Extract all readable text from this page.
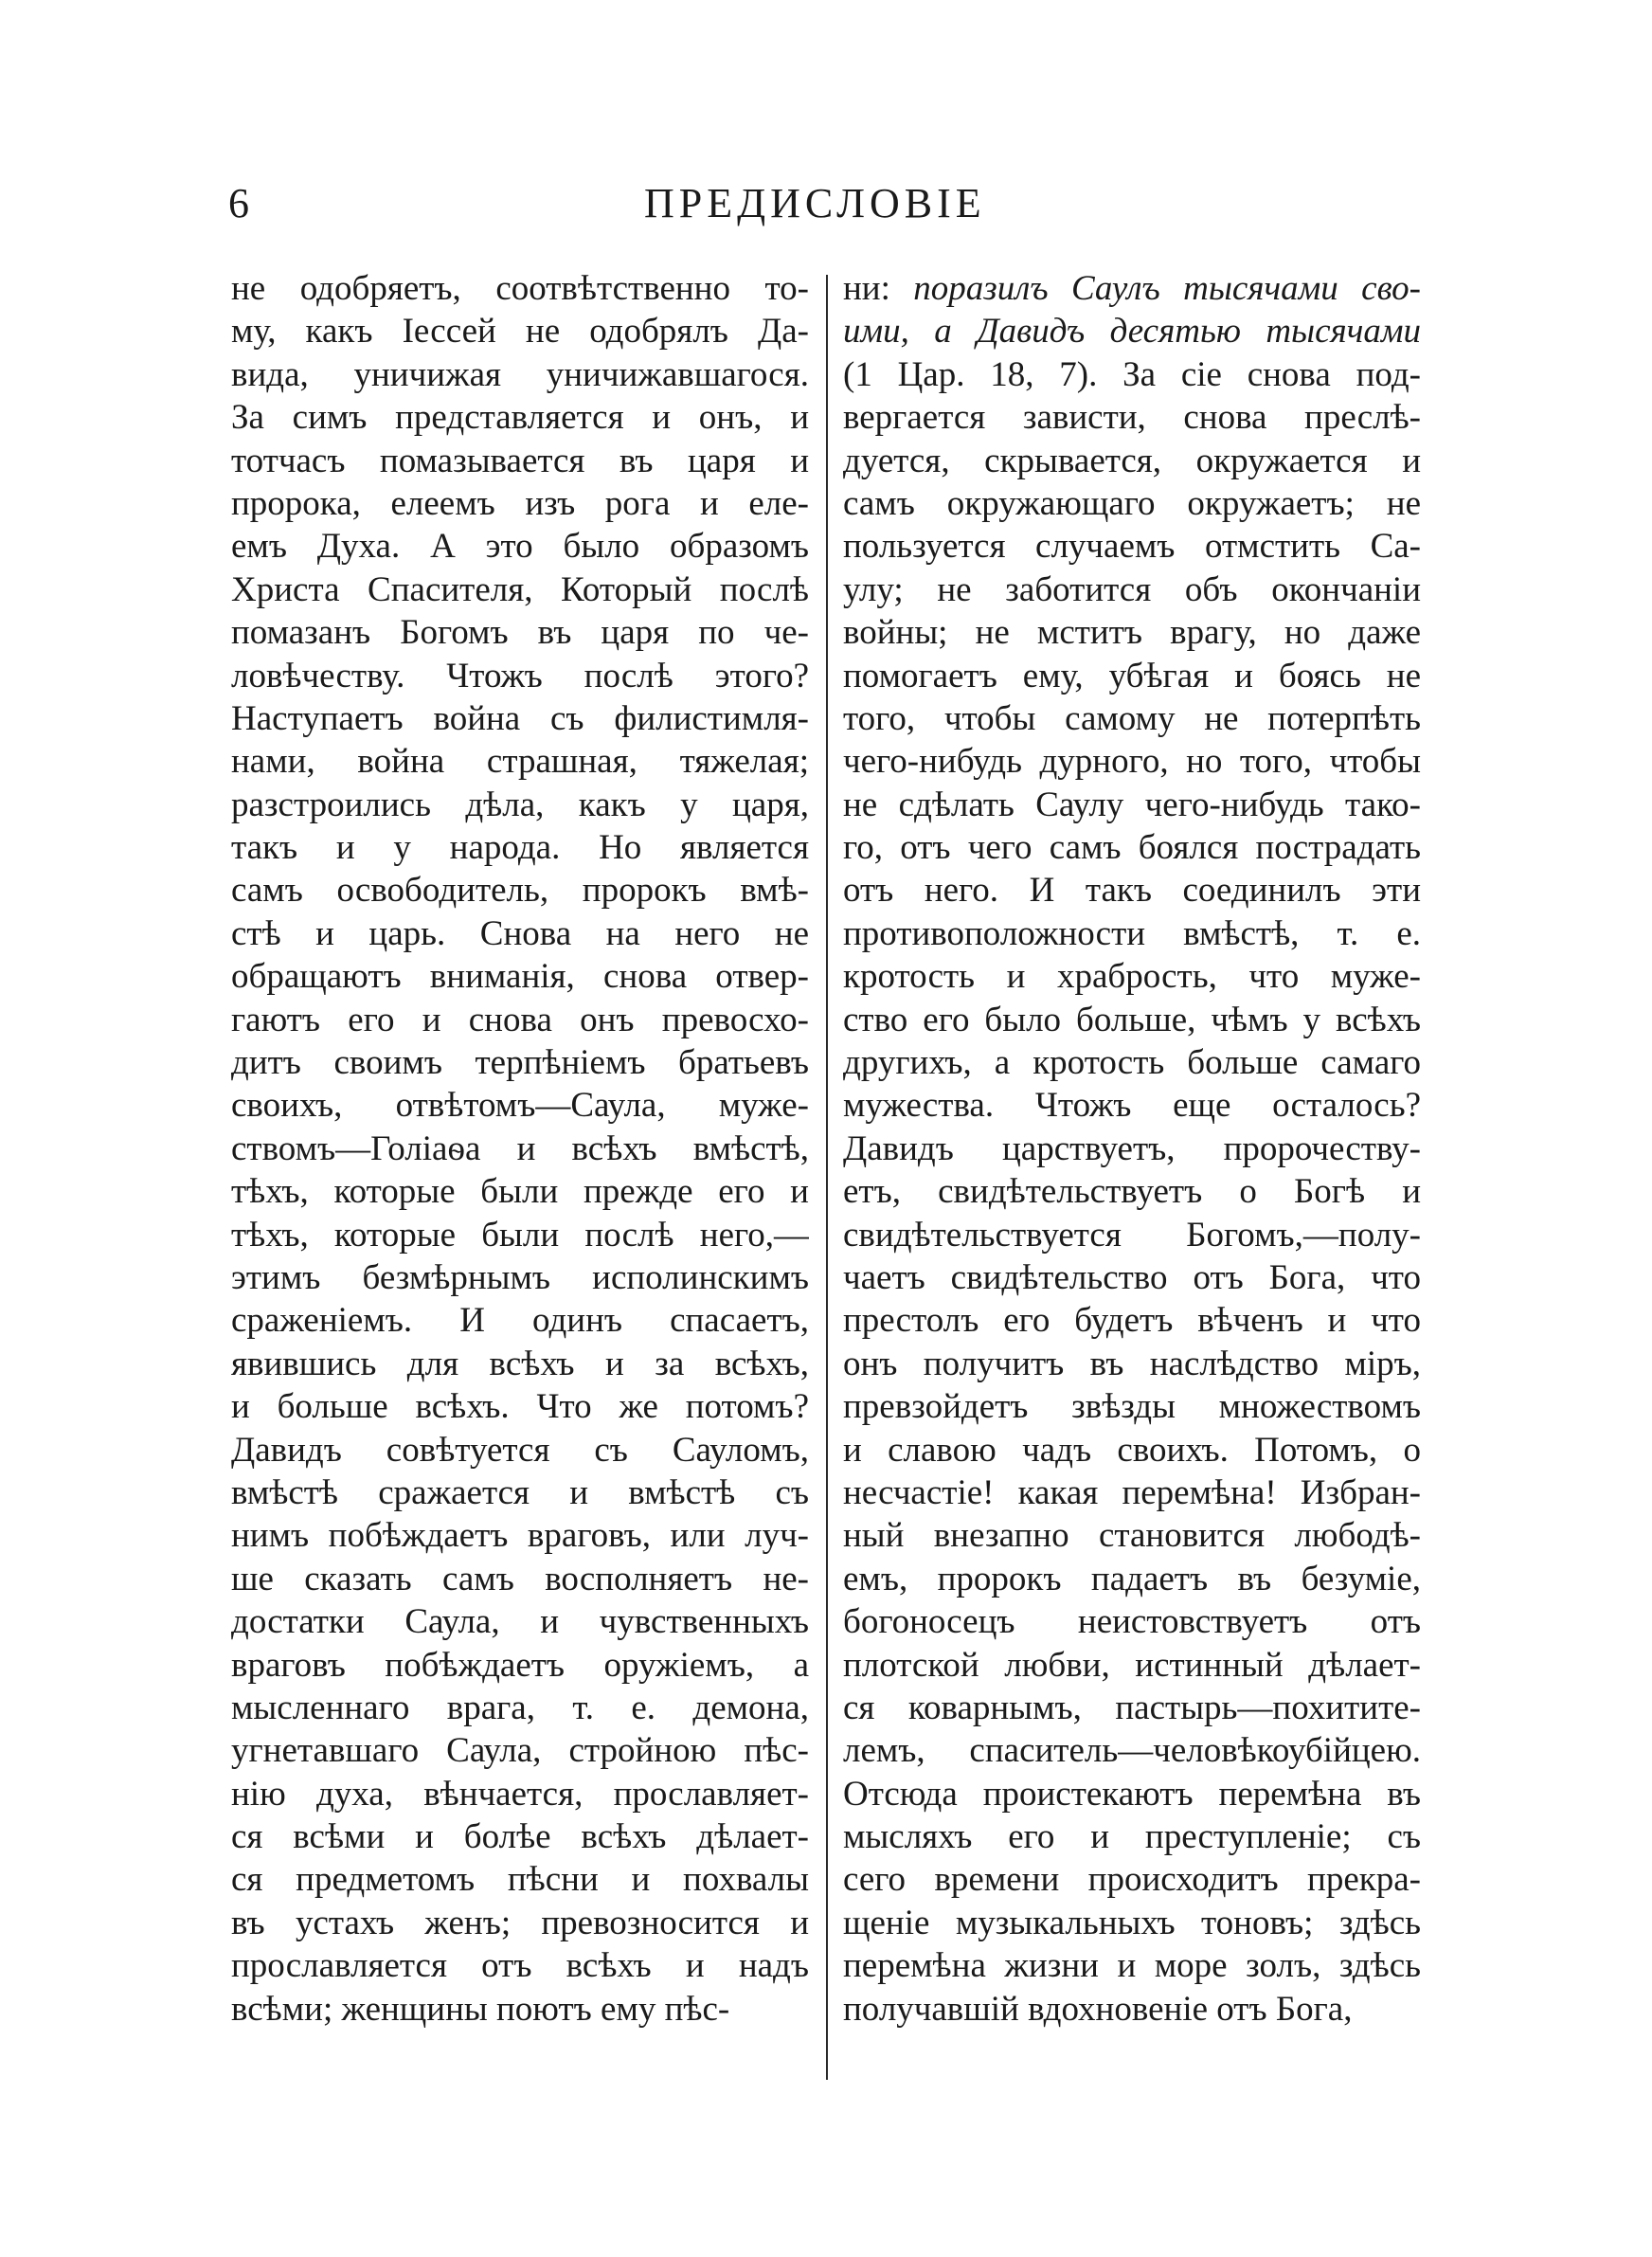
6	ПРЕДИСЛОВІЕ
не одобряетъ, соотвѣтственно то-
му, какъ Іессей не одобрялъ Да-
вида, уничижая уничижавшагося.
За симъ представляется и онъ, и
тотчасъ помазывается въ царя и
пророка, елеемъ изъ рога и еле-
емъ Духа. А это было образомъ
Христа Спасителя, Который послѣ
помазанъ Богомъ въ царя по че-
ловѣчеству. Чтожъ послѣ этого?
Наступаетъ война съ филистимля-
нами, война страшная, тяжелая;
разстроились дѣла, какъ у царя,
такъ и у народа. Но является
самъ освободитель, пророкъ вмѣ-
стѣ и царь. Снова на него не
обращаютъ вниманія, снова отвер-
гаютъ его и снова онъ превосхо-
дитъ своимъ терпѣніемъ братьевъ
своихъ, отвѣтомъ—Саула, муже-
ствомъ—Голіаѳа и всѣхъ вмѣстѣ,
тѣхъ, которые были прежде его и
тѣхъ, которые были послѣ него,—
этимъ безмѣрнымъ исполинскимъ
сраженіемъ. И одинъ спасаетъ,
явившись для всѣхъ и за всѣхъ,
и больше всѣхъ. Что же потомъ?
Давидъ совѣтуется съ Сауломъ,
вмѣстѣ сражается и вмѣстѣ съ
нимъ побѣждаетъ враговъ, или луч-
ше сказать самъ восполняетъ не-
достатки Саула, и чувственныхъ
враговъ побѣждаетъ оружіемъ, а
мысленнаго врага, т. е. демона,
угнетавшаго Саула, стройною пѣс-
нію духа, вѣнчается, прославляет-
ся всѣми и болѣе всѣхъ дѣлает-
ся предметомъ пѣсни и похвалы
въ устахъ женъ; превозносится и
прославляется отъ всѣхъ и надъ
всѣми; женщины поютъ ему пѣс-
ни: поразилъ Саулъ тысячами сво-
ими, а Давидъ десятью тысячами
(1 Цар. 18, 7). За сіе снова под-
вергается зависти, снова преслѣ-
дуется, скрывается, окружается и
самъ окружающаго окружаетъ; не
пользуется случаемъ отмстить Са-
улу; не заботится объ окончаніи
войны; не мститъ врагу, но даже
помогаетъ ему, убѣгая и боясь не
того, чтобы самому не потерпѣть
чего-нибудь дурного, но того, чтобы
не сдѣлать Саулу чего-нибудь тако-
го, отъ чего самъ боялся пострадать
отъ него. И такъ соединилъ эти
противоположности вмѣстѣ, т. е.
кротость и храбрость, что муже-
ство его было больше, чѣмъ у всѣхъ
другихъ, а кротость больше самаго
мужества. Чтожъ еще осталось?
Давидъ царствуетъ, пророчеству-
етъ, свидѣтельствуетъ о Богѣ и
свидѣтельствуется Богомъ,—полу-
чаетъ свидѣтельство отъ Бога, что
престолъ его будетъ вѣченъ и что
онъ получитъ въ наслѣдство міръ,
превзойдетъ звѣзды множествомъ
и славою чадъ своихъ. Потомъ, о
несчастіе! какая перемѣна! Избран-
ный внезапно становится любодѣ-
емъ, пророкъ падаетъ въ безуміе,
богоносецъ неистовствуетъ отъ
плотской любви, истинный дѣлает-
ся коварнымъ, пастырь—похитите-
лемъ, спаситель—человѣкоубійцею.
Отсюда проистекаютъ перемѣна въ
мысляхъ его и преступленіе; съ
сего времени происходитъ прекра-
щеніе музыкальныхъ тоновъ; здѣсь
перемѣна жизни и море золъ, здѣсь
получавшій вдохновеніе отъ Бога,
